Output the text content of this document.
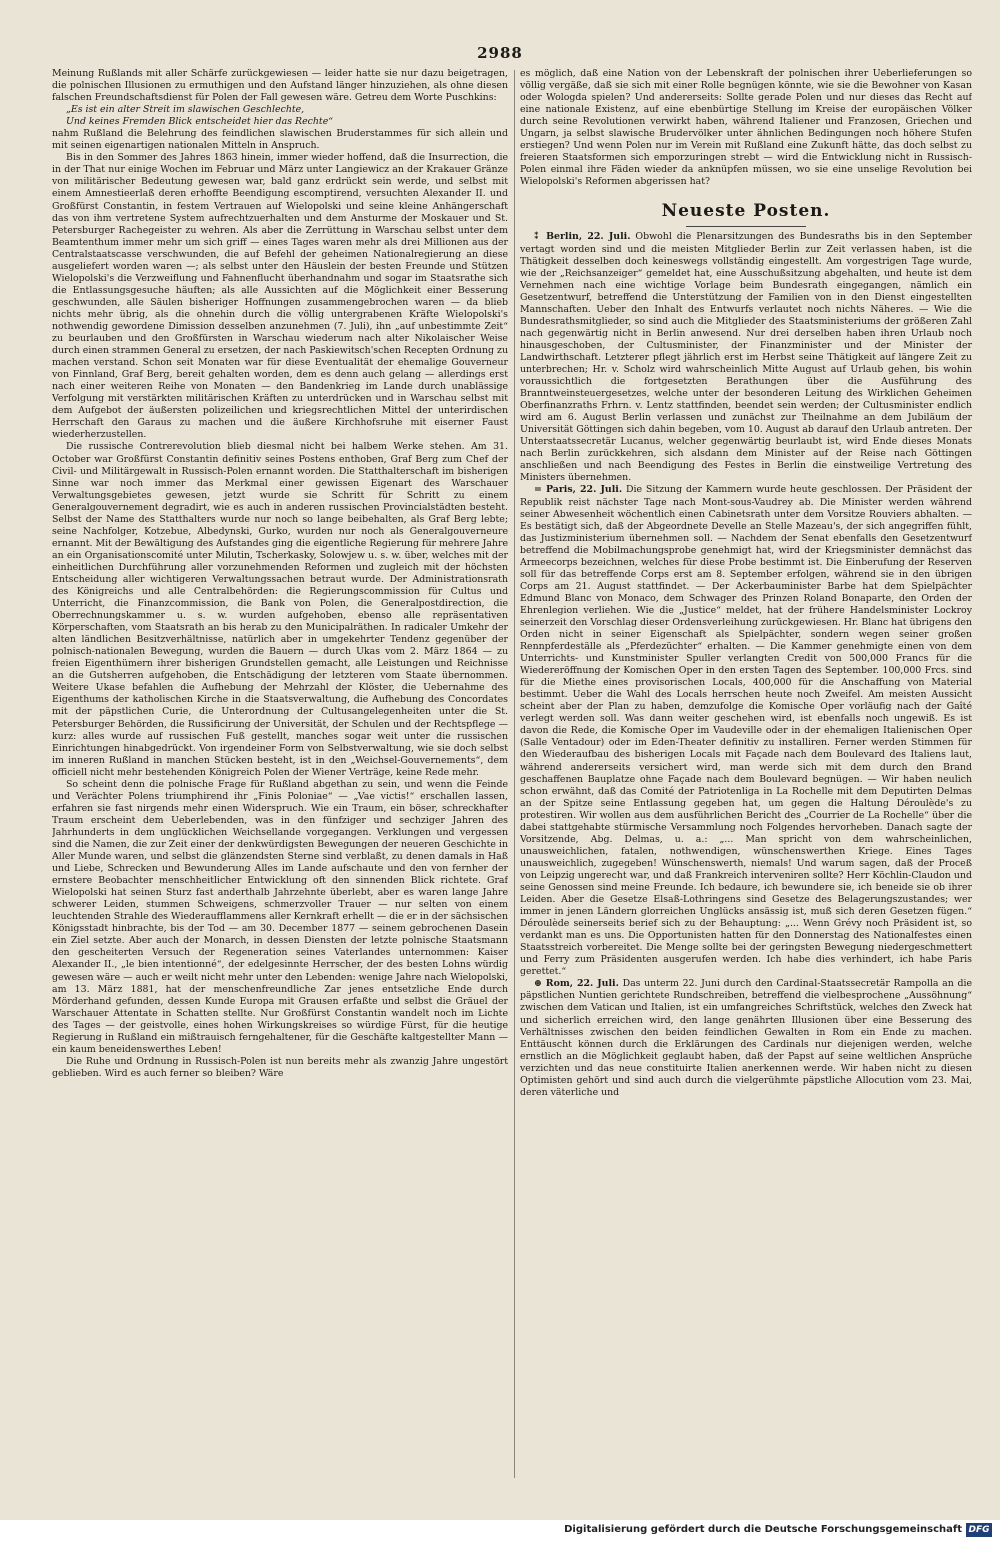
2988

Meinung Rußlands mit aller Schärfe zurückgewiesen — leider hatte sie nur dazu beigetragen, die polnischen Illusionen zu ermuthigen und den Aufstand länger hinzuziehen, als ohne diesen falschen Freundschaftsdienst für Polen der Fall gewesen wäre. Getreu dem Worte Puschkins:

„Es ist ein alter Streit im slawischen Geschlechte,

Und keines Fremden Blick entscheidet hier das Rechte“

nahm Rußland die Belehrung des feindlichen slawischen Bruderstammes für sich allein und mit seinen eigenartigen nationalen Mitteln in Anspruch.

Bis in den Sommer des Jahres 1863 hinein, immer wieder hoffend, daß die Insurrection, die in der That nur einige Wochen im Februar und März unter Langiewicz an der Krakauer Gränze von militärischer Bedeutung gewesen war, bald ganz erdrückt sein werde, und selbst mit einem Amnestieerlaß deren erhoffte Beendigung escomptirend, versuchten Alexander II. und Großfürst Constantin, in festem Vertrauen auf Wielopolski und seine kleine Anhängerschaft das von ihm vertretene System aufrechtzuerhalten und dem Ansturme der Moskauer und St. Petersburger Rachegeister zu wehren. Als aber die Zerrüttung in Warschau selbst unter dem Beamtenthum immer mehr um sich griff — eines Tages waren mehr als drei Millionen aus der Centralstaatscasse verschwunden, die auf Befehl der geheimen Nationalregierung an diese ausgeliefert worden waren —; als selbst unter den Häuslein der besten Freunde und Stützen Wielopolski's die Verzweiflung und Fahnenflucht überhandnahm und sogar im Staatsrathe sich die Entlassungsgesuche häuften; als alle Aussichten auf die Möglichkeit einer Besserung geschwunden, alle Säulen bisheriger Hoffnungen zusammengebrochen waren — da blieb nichts mehr übrig, als die ohnehin durch die völlig untergrabenen Kräfte Wielopolski's nothwendig gewordene Dimission desselben anzunehmen (7. Juli), ihn „auf unbestimmte Zeit“ zu beurlauben und den Großfürsten in Warschau wiederum nach alter Nikolaischer Weise durch einen strammen General zu ersetzen, der nach Paskiewitsch'schen Recepten Ordnung zu machen verstand. Schon seit Monaten war für diese Eventualität der ehemalige Gouverneur von Finnland, Graf Berg, bereit gehalten worden, dem es denn auch gelang — allerdings erst nach einer weiteren Reihe von Monaten — den Bandenkrieg im Lande durch unablässige Verfolgung mit verstärkten militärischen Kräften zu unterdrücken und in Warschau selbst mit dem Aufgebot der äußersten polizeilichen und kriegsrechtlichen Mittel der unterirdischen Herrschaft den Garaus zu machen und die äußere Kirchhofsruhe mit eiserner Faust wiederherzustellen.

Die russische Contrerevolution blieb diesmal nicht bei halbem Werke stehen. Am 31. October war Großfürst Constantin definitiv seines Postens enthoben, Graf Berg zum Chef der Civil- und Militärgewalt in Russisch-Polen ernannt worden. Die Statthalterschaft im bisherigen Sinne war noch immer das Merkmal einer gewissen Eigenart des Warschauer Verwaltungsgebietes gewesen, jetzt wurde sie Schritt für Schritt zu einem Generalgouvernement degradirt, wie es auch in anderen russischen Provincialstädten besteht. Selbst der Name des Statthalters wurde nur noch so lange beibehalten, als Graf Berg lebte; seine Nachfolger, Kotzebue, Albedynski, Gurko, wurden nur noch als Generalgouverneure ernannt. Mit der Bewältigung des Aufstandes ging die eigentliche Regierung für mehrere Jahre an ein Organisationscomité unter Milutin, Tscherkasky, Solowjew u. s. w. über, welches mit der einheitlichen Durchführung aller vorzunehmenden Reformen und zugleich mit der höchsten Entscheidung aller wichtigeren Verwaltungssachen betraut wurde. Der Administrationsrath des Königreichs und alle Centralbehörden: die Regierungscommission für Cultus und Unterricht, die Finanzcommission, die Bank von Polen, die Generalpostdirection, die Oberrechnungskammer u. s. w. wurden aufgehoben, ebenso alle repräsentativen Körperschaften, vom Staatsrath an bis herab zu den Municipalräthen. In radicaler Umkehr der alten ländlichen Besitzverhältnisse, natürlich aber in umgekehrter Tendenz gegenüber der polnisch-nationalen Bewegung, wurden die Bauern — durch Ukas vom 2. März 1864 — zu freien Eigenthümern ihrer bisherigen Grundstellen gemacht, alle Leistungen und Reichnisse an die Gutsherren aufgehoben, die Entschädigung der letzteren vom Staate übernommen. Weitere Ukase befahlen die Aufhebung der Mehrzahl der Klöster, die Uebernahme des Eigenthums der katholischen Kirche in die Staatsverwaltung, die Aufhebung des Concordates mit der päpstlichen Curie, die Unterordnung der Cultusangelegenheiten unter die St. Petersburger Behörden, die Russificirung der Universität, der Schulen und der Rechtspflege — kurz: alles wurde auf russischen Fuß gestellt, manches sogar weit unter die russischen Einrichtungen hinabgedrückt. Von irgendeiner Form von Selbstverwaltung, wie sie doch selbst im inneren Rußland in manchen Stücken besteht, ist in den „Weichsel-Gouvernements“, dem officiell nicht mehr bestehenden Königreich Polen der Wiener Verträge, keine Rede mehr.

So scheint denn die polnische Frage für Rußland abgethan zu sein, und wenn die Feinde und Verächter Polens triumphirend ihr „Finis Poloniae“ — „Vae victis!“ erschallen lassen, erfahren sie fast nirgends mehr einen Widerspruch. Wie ein Traum, ein böser, schreckhafter Traum erscheint dem Ueberlebenden, was in den fünfziger und sechziger Jahren des Jahrhunderts in dem unglücklichen Weichsellande vorgegangen. Verklungen und vergessen sind die Namen, die zur Zeit einer der denkwürdigsten Bewegungen der neueren Geschichte in Aller Munde waren, und selbst die glänzendsten Sterne sind verblaßt, zu denen damals in Haß und Liebe, Schrecken und Bewunderung Alles im Lande aufschaute und den von fernher der ernstere Beobachter menschheitlicher Entwicklung oft den sinnenden Blick richtete. Graf Wielopolski hat seinen Sturz fast anderthalb Jahrzehnte überlebt, aber es waren lange Jahre schwerer Leiden, stummen Schweigens, schmerzvoller Trauer — nur selten von einem leuchtenden Strahle des Wiederaufflammens aller Kernkraft erhellt — die er in der sächsischen Königsstadt hinbrachte, bis der Tod — am 30. December 1877 — seinem gebrochenen Dasein ein Ziel setzte. Aber auch der Monarch, in dessen Diensten der letzte polnische Staatsmann den gescheiterten Versuch der Regeneration seines Vaterlandes unternommen: Kaiser Alexander II., „le bien intentionné“, der edelgesinnte Herrscher, der des besten Lohns würdig gewesen wäre — auch er weilt nicht mehr unter den Lebenden: wenige Jahre nach Wielopolski, am 13. März 1881, hat der menschenfreundliche Zar jenes entsetzliche Ende durch Mörderhand gefunden, dessen Kunde Europa mit Grausen erfaßte und selbst die Gräuel der Warschauer Attentate in Schatten stellte. Nur Großfürst Constantin wandelt noch im Lichte des Tages — der geistvolle, eines hohen Wirkungskreises so würdige Fürst, für die heutige Regierung in Rußland ein mißtrauisch ferngehaltener, für die Geschäfte kaltgestellter Mann — ein kaum beneidenswerthes Leben!

Die Ruhe und Ordnung in Russisch-Polen ist nun bereits mehr als zwanzig Jahre ungestört geblieben. Wird es auch ferner so bleiben? Wäre

es möglich, daß eine Nation von der Lebenskraft der polnischen ihrer Ueberlieferungen so völlig vergäße, daß sie sich mit einer Rolle begnügen könnte, wie sie die Bewohner von Kasan oder Wologda spielen? Und andererseits: Sollte gerade Polen und nur dieses das Recht auf eine nationale Existenz, auf eine ebenbürtige Stellung im Kreise der europäischen Völker durch seine Revolutionen verwirkt haben, während Italiener und Franzosen, Griechen und Ungarn, ja selbst slawische Brudervölker unter ähnlichen Bedingungen noch höhere Stufen erstiegen? Und wenn Polen nur im Verein mit Rußland eine Zukunft hätte, das doch selbst zu freieren Staatsformen sich emporzuringen strebt — wird die Entwicklung nicht in Russisch-Polen einmal ihre Fäden wieder da anknüpfen müssen, wo sie eine unselige Revolution bei Wielopolski's Reformen abgerissen hat?

Neueste Posten.

⁑ Berlin, 22. Juli. Obwohl die Plenarsitzungen des Bundesraths bis in den September vertagt worden sind und die meisten Mitglieder Berlin zur Zeit verlassen haben, ist die Thätigkeit desselben doch keineswegs vollständig eingestellt. Am vorgestrigen Tage wurde, wie der „Reichsanzeiger“ gemeldet hat, eine Ausschußsitzung abgehalten, und heute ist dem Vernehmen nach eine wichtige Vorlage beim Bundesrath eingegangen, nämlich ein Gesetzentwurf, betreffend die Unterstützung der Familien von in den Dienst eingestellten Mannschaften. Ueber den Inhalt des Entwurfs verlautet noch nichts Näheres. — Wie die Bundesrathsmitglieder, so sind auch die Mitglieder des Staatsministeriums der größeren Zahl nach gegenwärtig nicht in Berlin anwesend. Nur drei derselben haben ihren Urlaub noch hinausgeschoben, der Cultusminister, der Finanzminister und der Minister der Landwirthschaft. Letzterer pflegt jährlich erst im Herbst seine Thätigkeit auf längere Zeit zu unterbrechen; Hr. v. Scholz wird wahrscheinlich Mitte August auf Urlaub gehen, bis wohin voraussichtlich die fortgesetzten Berathungen über die Ausführung des Branntweinsteuergesetzes, welche unter der besonderen Leitung des Wirklichen Geheimen Oberfinanzraths Frhrn. v. Lentz stattfinden, beendet sein werden; der Cultusminister endlich wird am 6. August Berlin verlassen und zunächst zur Theilnahme an dem Jubiläum der Universität Göttingen sich dahin begeben, vom 10. August ab darauf den Urlaub antreten. Der Unterstaatssecretär Lucanus, welcher gegenwärtig beurlaubt ist, wird Ende dieses Monats nach Berlin zurückkehren, sich alsdann dem Minister auf der Reise nach Göttingen anschließen und nach Beendigung des Festes in Berlin die einstweilige Vertretung des Ministers übernehmen.

= Paris, 22. Juli. Die Sitzung der Kammern wurde heute geschlossen. Der Präsident der Republik reist nächster Tage nach Mont-sous-Vaudrey ab. Die Minister werden während seiner Abwesenheit wöchentlich einen Cabinetsrath unter dem Vorsitze Rouviers abhalten. — Es bestätigt sich, daß der Abgeordnete Develle an Stelle Mazeau's, der sich angegriffen fühlt, das Justizministerium übernehmen soll. — Nachdem der Senat ebenfalls den Gesetzentwurf betreffend die Mobilmachungsprobe genehmigt hat, wird der Kriegsminister demnächst das Armeecorps bezeichnen, welches für diese Probe bestimmt ist. Die Einberufung der Reserven soll für das betreffende Corps erst am 8. September erfolgen, während sie in den übrigen Corps am 21. August stattfindet. — Der Ackerbauminister Barbe hat dem Spielpächter Edmund Blanc von Monaco, dem Schwager des Prinzen Roland Bonaparte, den Orden der Ehrenlegion verliehen. Wie die „Justice“ meldet, hat der frühere Handelsminister Lockroy seinerzeit den Vorschlag dieser Ordensverleihung zurückgewiesen. Hr. Blanc hat übrigens den Orden nicht in seiner Eigenschaft als Spielpächter, sondern wegen seiner großen Rennpferdeställe als „Pferdezüchter“ erhalten. — Die Kammer genehmigte einen von dem Unterrichts- und Kunstminister Spuller verlangten Credit von 500,000 Francs für die Wiedereröffnung der Komischen Oper in den ersten Tagen des September. 100,000 Frcs. sind für die Miethe eines provisorischen Locals, 400,000 für die Anschaffung von Material bestimmt. Ueber die Wahl des Locals herrschen heute noch Zweifel. Am meisten Aussicht scheint aber der Plan zu haben, demzufolge die Komische Oper vorläufig nach der Gaîté verlegt werden soll. Was dann weiter geschehen wird, ist ebenfalls noch ungewiß. Es ist davon die Rede, die Komische Oper im Vaudeville oder in der ehemaligen Italienischen Oper (Salle Ventadour) oder im Eden-Theater definitiv zu installiren. Ferner werden Stimmen für den Wiederaufbau des bisherigen Locals mit Façade nach dem Boulevard des Italiens laut, während andererseits versichert wird, man werde sich mit dem durch den Brand geschaffenen Bauplatze ohne Façade nach dem Boulevard begnügen. — Wir haben neulich schon erwähnt, daß das Comité der Patriotenliga in La Rochelle mit dem Deputirten Delmas an der Spitze seine Entlassung gegeben hat, um gegen die Haltung Déroulède's zu protestiren. Wir wollen aus dem ausführlichen Bericht des „Courrier de La Rochelle“ über die dabei stattgehabte stürmische Versammlung noch Folgendes hervorheben. Danach sagte der Vorsitzende, Abg. Delmas, u. a.: „... Man spricht von dem wahrscheinlichen, unausweichlichen, fatalen, nothwendigen, wünschenswerthen Kriege. Eines Tages unausweichlich, zugegeben! Wünschenswerth, niemals! Und warum sagen, daß der Proceß von Leipzig ungerecht war, und daß Frankreich interveniren sollte? Herr Köchlin-Claudon und seine Genossen sind meine Freunde. Ich bedaure, ich bewundere sie, ich beneide sie ob ihrer Leiden. Aber die Gesetze Elsaß-Lothringens sind Gesetze des Belagerungszustandes; wer immer in jenen Ländern glorreichen Unglücks ansässig ist, muß sich deren Gesetzen fügen.“ Déroulède seinerseits berief sich zu der Behauptung: „... Wenn Grévy noch Präsident ist, so verdankt man es uns. Die Opportunisten hatten für den Donnerstag des Nationalfestes einen Staatsstreich vorbereitet. Die Menge sollte bei der geringsten Bewegung niedergeschmettert und Ferry zum Präsidenten ausgerufen werden. Ich habe dies verhindert, ich habe Paris gerettet.“

⊕ Rom, 22. Juli. Das unterm 22. Juni durch den Cardinal-Staatssecretär Rampolla an die päpstlichen Nuntien gerichtete Rundschreiben, betreffend die vielbesprochene „Aussöhnung“ zwischen dem Vatican und Italien, ist ein umfangreiches Schriftstück, welches den Zweck hat und sicherlich erreichen wird, den lange genährten Illusionen über eine Besserung des Verhältnisses zwischen den beiden feindlichen Gewalten in Rom ein Ende zu machen. Enttäuscht können durch die Erklärungen des Cardinals nur diejenigen werden, welche ernstlich an die Möglichkeit geglaubt haben, daß der Papst auf seine weltlichen Ansprüche verzichten und das neue constituirte Italien anerkennen werde. Wir haben nicht zu diesen Optimisten gehört und sind auch durch die vielgerühmte päpstliche Allocution vom 23. Mai, deren väterliche und

Digitalisierung gefördert durch die Deutsche Forschungsgemeinschaft DFG
